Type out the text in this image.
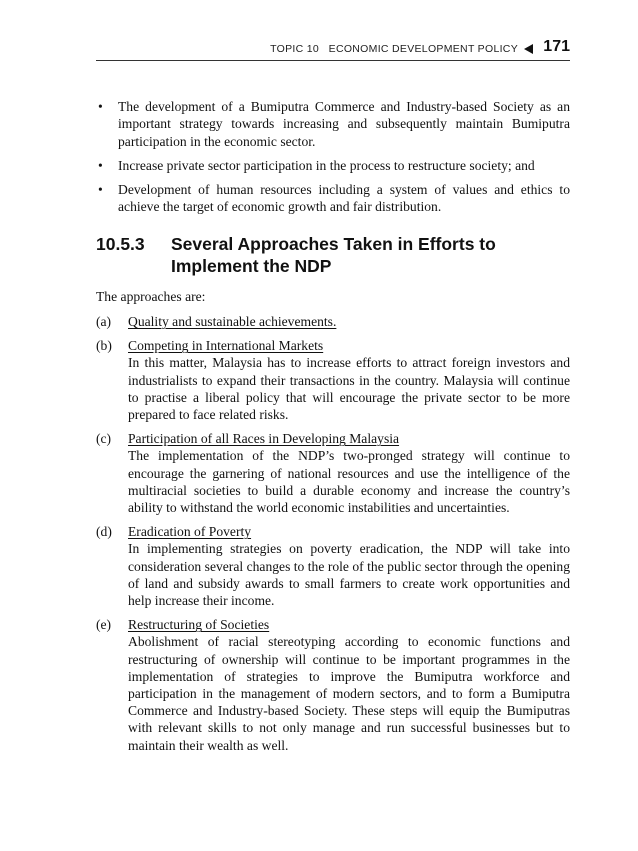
TOPIC 10 ECONOMIC DEVELOPMENT POLICY 171
• The development of a Bumiputra Commerce and Industry-based Society as an important strategy towards increasing and subsequently maintain Bumiputra participation in the economic sector.
• Increase private sector participation in the process to restructure society; and
• Development of human resources including a system of values and ethics to achieve the target of economic growth and fair distribution.
10.5.3 Several Approaches Taken in Efforts to Implement the NDP
The approaches are:
(a) Quality and sustainable achievements.
(b) Competing in International Markets
In this matter, Malaysia has to increase efforts to attract foreign investors and industrialists to expand their transactions in the country. Malaysia will continue to practise a liberal policy that will encourage the private sector to be more prepared to face related risks.
(c) Participation of all Races in Developing Malaysia
The implementation of the NDP’s two-pronged strategy will continue to encourage the garnering of national resources and use the intelligence of the multiracial societies to build a durable economy and increase the country’s ability to withstand the world economic instabilities and uncertainties.
(d) Eradication of Poverty
In implementing strategies on poverty eradication, the NDP will take into consideration several changes to the role of the public sector through the opening of land and subsidy awards to small farmers to create work opportunities and help increase their income.
(e) Restructuring of Societies
Abolishment of racial stereotyping according to economic functions and restructuring of ownership will continue to be important programmes in the implementation of strategies to improve the Bumiputra workforce and participation in the management of modern sectors, and to form a Bumiputra Commerce and Industry-based Society. These steps will equip the Bumiputras with relevant skills to not only manage and run successful businesses but to maintain their wealth as well.
